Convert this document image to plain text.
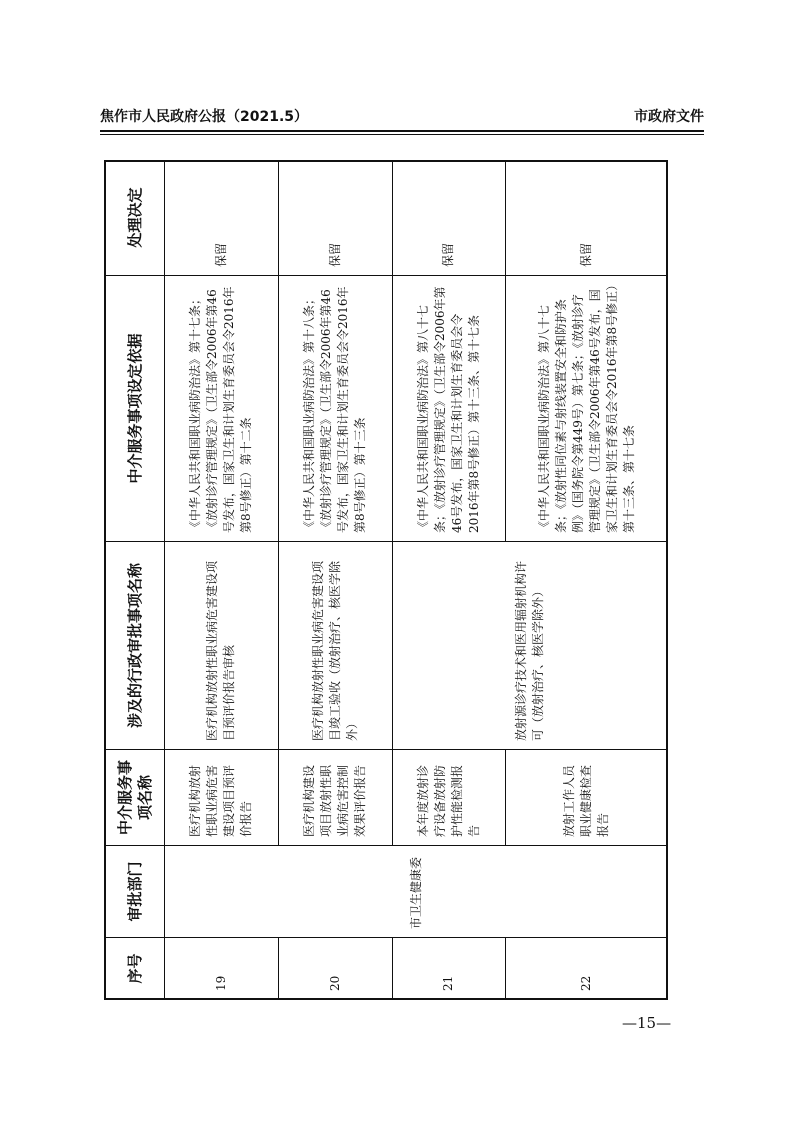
焦作市人民政府公报（2021.5）	市政府文件
序号	审批部门	中介服务事项名称	涉及的行政审批事项名称	中介服务事项设定依据	处理决定
19	市卫生健康委	医疗机构放射性职业病危害建设项目预评价报告	医疗机构放射性职业病危害建设项目预评价报告审核	《中华人民共和国职业病防治法》第十七条；《放射诊疗管理规定》（卫生部令2006年第46号发布，国家卫生和计划生育委员会令2016年第8号修正）第十二条	保留
20		医疗机构建设项目放射性职业病危害控制效果评价报告	医疗机构放射性职业病危害建设项目竣工验收（放射治疗、核医学除外）	《中华人民共和国职业病防治法》第十八条；《放射诊疗管理规定》（卫生部令2006年第46号发布，国家卫生和计划生育委员会令2016年第8号修正）第十三条	保留
21		本年度放射诊疗设备放射防护性能检测报告	放射源诊疗技术和医用辐射机构许可（放射治疗、核医学除外）	《中华人民共和国职业病防治法》第八十七条；《放射诊疗管理规定》（卫生部令2006年第46号发布，国家卫生和计划生育委员会令2016年第8号修正）第十三条、第十七条	保留
22		放射工作人员职业健康检查报告		《中华人民共和国职业病防治法》第八十七条；《放射性同位素与射线装置安全和防护条例》（国务院令第449号）第七条；《放射诊疗管理规定》（卫生部令2006年第46号发布，国家卫生和计划生育委员会令2016年第8号修正）第十三条、第十七条	保留
—15—
